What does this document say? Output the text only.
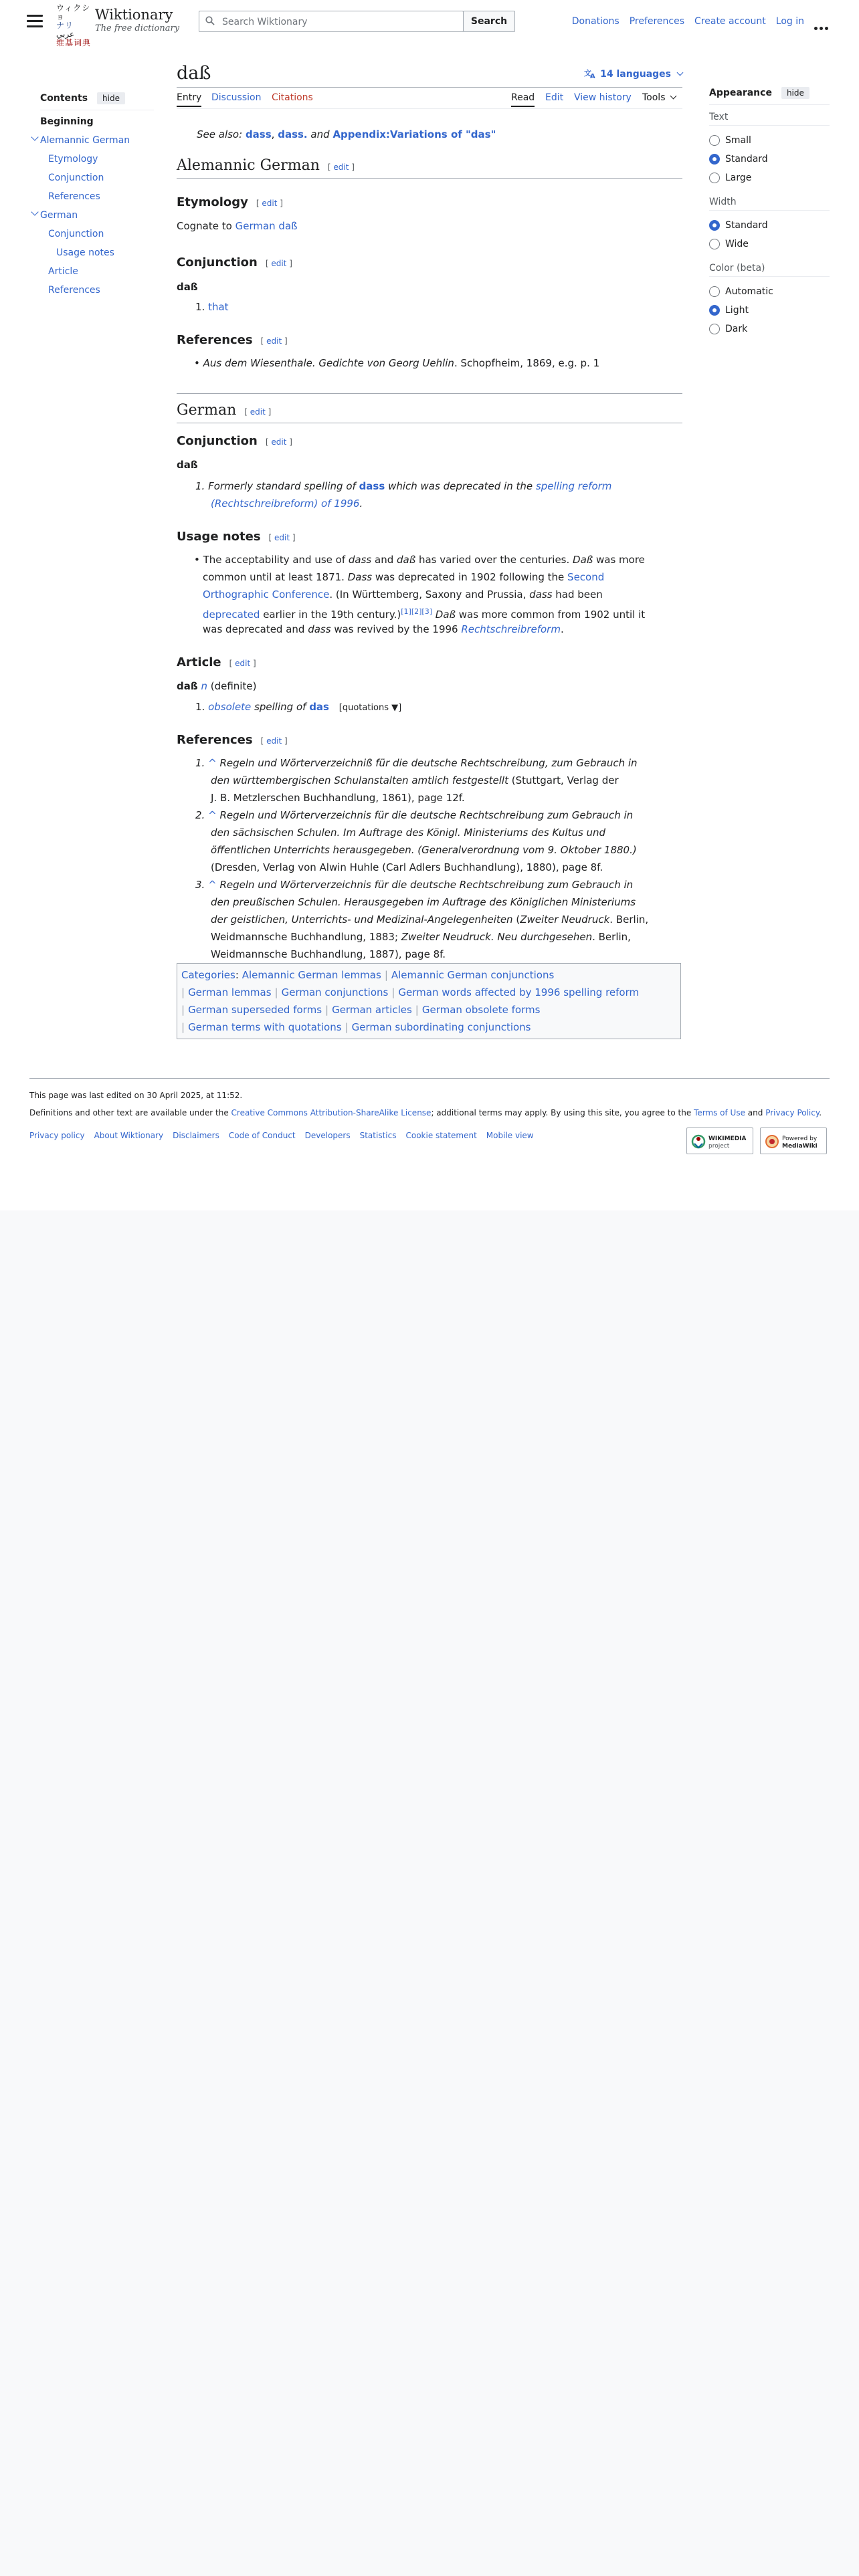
ウィクショ
ナリ
عربي
维基词典
Wiktionary
The free dictionary
Search Wiktionary
Search	Donations Preferences Create account Log in
Contents	hide
Beginning
Alemannic German
Etymology
Conjunction
References
German
Conjunction
Usage notes
Article
References
daß	文
A 14 languages
Entry Discussion Citations	Read Edit View history Tools
See also: dass, dass. and Appendix:Variations of "das"
Alemannic German [ edit ]
Etymology [ edit ]
Cognate to German daß
Conjunction [ edit ]
daß
1. that
References [ edit ]
• Aus dem Wiesenthale. Gedichte von Georg Uehlin. Schopfheim, 1869, e.g. p. 1
German [ edit ]
Conjunction [ edit ]
daß
1. Formerly standard spelling of dass which was deprecated in the spelling reform
(Rechtschreibreform) of 1996.
Usage notes [ edit ]
• The acceptability and use of dass and daß has varied over the centuries. Daß was more
common until at least 1871. Dass was deprecated in 1902 following the Second
Orthographic Conference. (In Württemberg, Saxony and Prussia, dass had been
deprecated earlier in the 19th century.)[1][2][3] Daß was more common from 1902 until it
was deprecated and dass was revived by the 1996 Rechtschreibreform.
Article [ edit ]
daß n (definite)
1. obsolete spelling of das [quotations ▼]
References [ edit ]
1. ^ Regeln und Wörterverzeichniß für die deutsche Rechtschreibung, zum Gebrauch in
den württembergischen Schulanstalten amtlich festgestellt (Stuttgart, Verlag der
J. B. Metzlerschen Buchhandlung, 1861), page 12f.
2. ^ Regeln und Wörterverzeichnis für die deutsche Rechtschreibung zum Gebrauch in
den sächsischen Schulen. Im Auftrage des Königl. Ministeriums des Kultus und
öffentlichen Unterrichts herausgegeben. (Generalverordnung vom 9. Oktober 1880.)
(Dresden, Verlag von Alwin Huhle (Carl Adlers Buchhandlung), 1880), page 8f.
3. ^ Regeln und Wörterverzeichnis für die deutsche Rechtschreibung zum Gebrauch in
den preußischen Schulen. Herausgegeben im Auftrage des Königlichen Ministeriums
der geistlichen, Unterrichts- und Medizinal-Angelegenheiten (Zweiter Neudruck. Berlin,
Weidmannsche Buchhandlung, 1883; Zweiter Neudruck. Neu durchgesehen. Berlin,
Weidmannsche Buchhandlung, 1887), page 8f.
Categories: Alemannic German lemmas | Alemannic German conjunctions
| German lemmas | German conjunctions | German words affected by 1996 spelling reform
| German superseded forms | German articles | German obsolete forms
| German terms with quotations | German subordinating conjunctions
Appearance	hide
Text
Small
Standard
Large
Width
Standard
Wide
Color (beta)
Automatic
Light
Dark
This page was last edited on 30 April 2025, at 11:52.
Definitions and other text are available under the Creative Commons Attribution-ShareAlike License; additional terms may apply. By using this site, you agree to the Terms of Use and Privacy Policy.
Privacy policy About Wiktionary Disclaimers Code of Conduct Developers Statistics Cookie statement Mobile view	WIKIMEDIA
project
Powered by
MediaWiki
